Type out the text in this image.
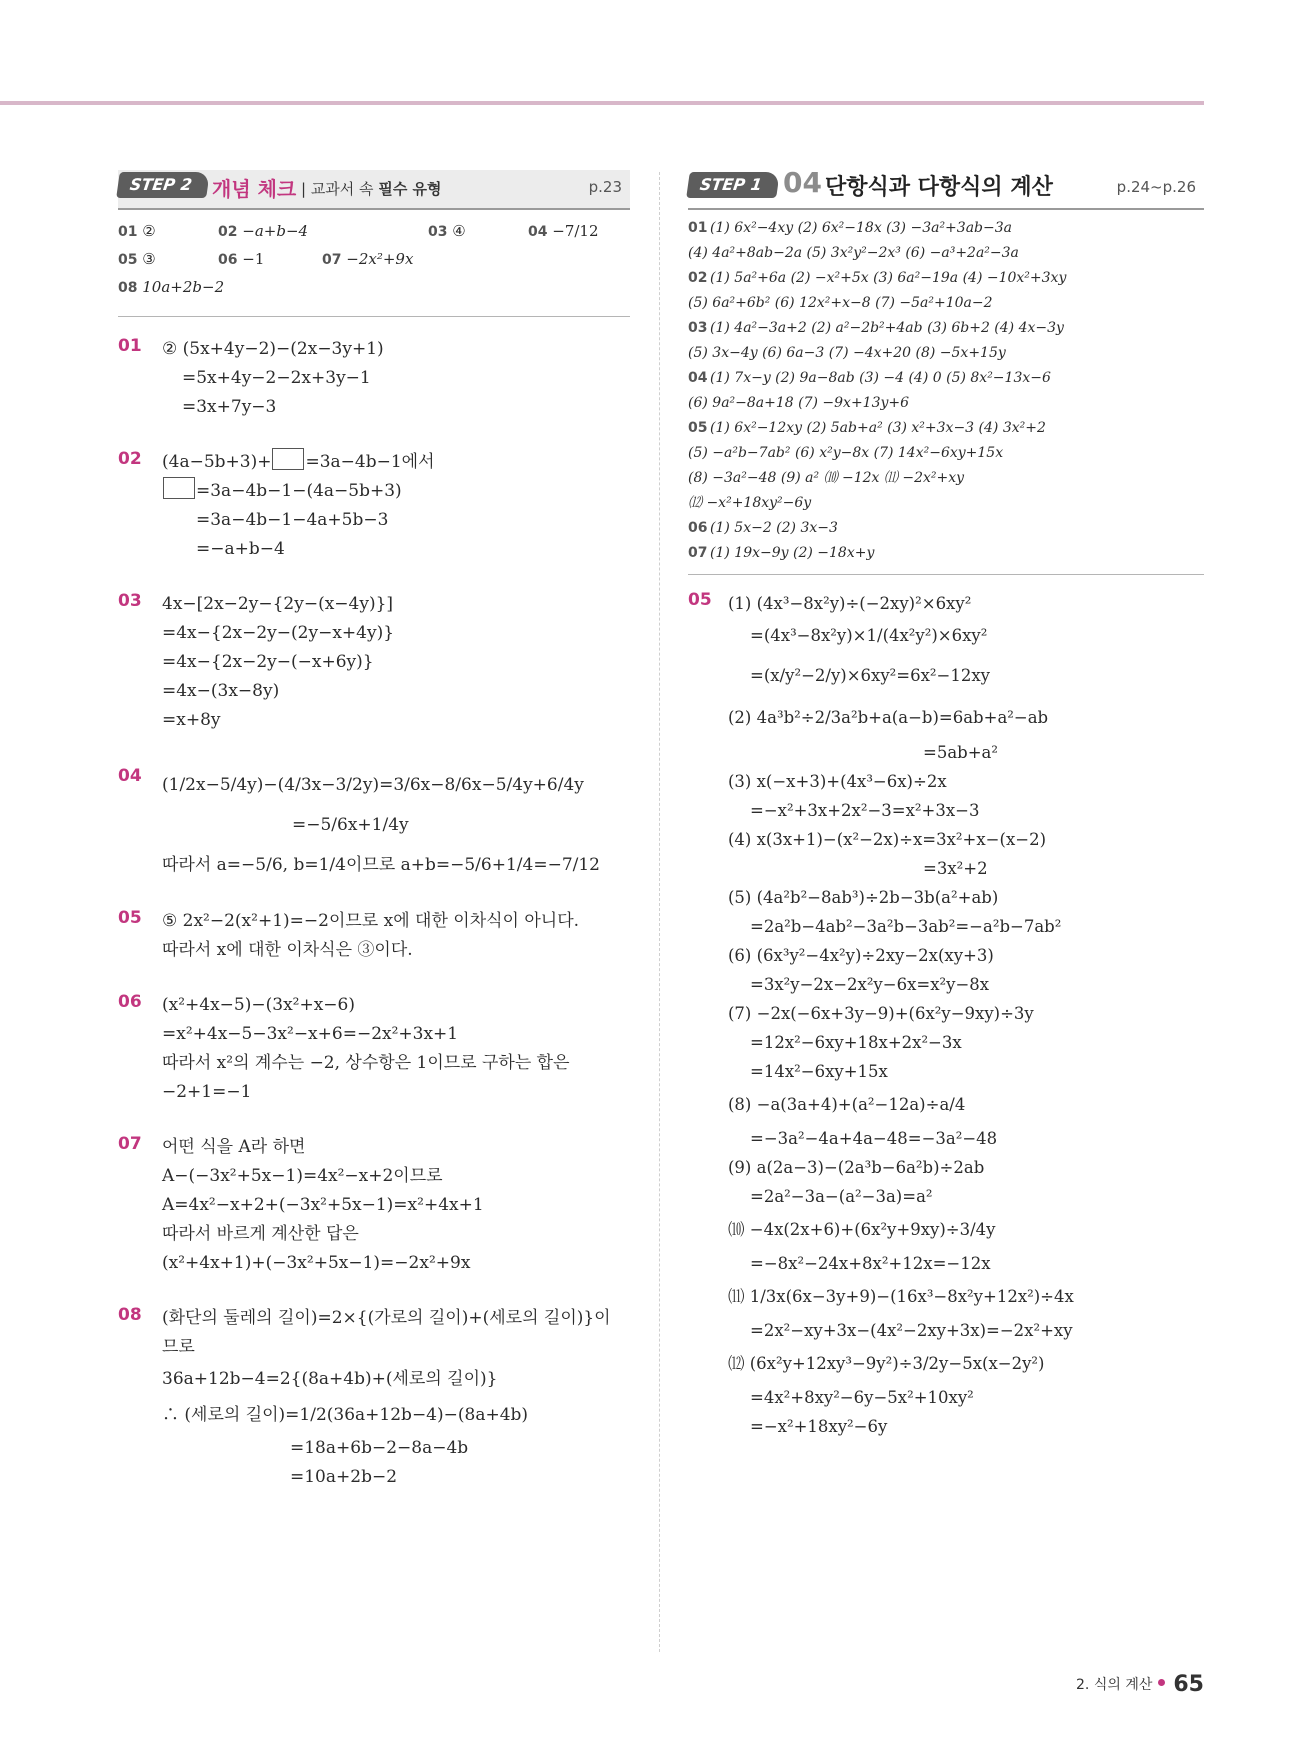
STEP 2 개념 체크 | 교과서 속 필수 유형	p.23
01 ②	02 −a+b−4	03 ④	04 −7/12
05 ③	06 −1	07 −2x²+9x
08 10a+2b−2
01 ② (5x+4y−2)−(2x−3y+1)
=5x+4y−2−2x+3y−1
=3x+7y−3
02 (4a−5b+3)+ =3a−4b−1에서
=3a−4b−1−(4a−5b+3)
=3a−4b−1−4a+5b−3
=−a+b−4
03 4x−[2x−2y−{2y−(x−4y)}]
=4x−{2x−2y−(2y−x+4y)}
=4x−{2x−2y−(−x+6y)}
=4x−(3x−8y)
=x+8y
04 (1/2x−5/4y)−(4/3x−3/2y)=3/6x−8/6x−5/4y+6/4y
=−5/6x+1/4y
따라서 a=−5/6, b=1/4이므로 a+b=−5/6+1/4=−7/12
05 ⑤ 2x²−2(x²+1)=−2이므로 x에 대한 이차식이 아니다.
따라서 x에 대한 이차식은 ③이다.
06 (x²+4x−5)−(3x²+x−6)
=x²+4x−5−3x²−x+6=−2x²+3x+1
따라서 x²의 계수는 −2, 상수항은 1이므로 구하는 합은
−2+1=−1
07 어떤 식을 A라 하면
A−(−3x²+5x−1)=4x²−x+2이므로
A=4x²−x+2+(−3x²+5x−1)=x²+4x+1
따라서 바르게 계산한 답은
(x²+4x+1)+(−3x²+5x−1)=−2x²+9x
08 (화단의 둘레의 길이)=2×{(가로의 길이)+(세로의 길이)}이
므로
36a+12b−4=2{(8a+4b)+(세로의 길이)}
∴ (세로의 길이)=1/2(36a+12b−4)−(8a+4b)
=18a+6b−2−8a−4b
=10a+2b−2
STEP 1 04 단항식과 다항식의 계산	p.24~p.26
01 (1) 6x²−4xy (2) 6x²−18x (3) −3a²+3ab−3a
(4) 4a²+8ab−2a (5) 3x²y²−2x³ (6) −a³+2a²−3a
02 (1) 5a²+6a (2) −x²+5x (3) 6a²−19a (4) −10x²+3xy
(5) 6a²+6b² (6) 12x²+x−8 (7) −5a²+10a−2
03 (1) 4a²−3a+2 (2) a²−2b²+4ab (3) 6b+2 (4) 4x−3y
(5) 3x−4y (6) 6a−3 (7) −4x+20 (8) −5x+15y
04 (1) 7x−y (2) 9a−8ab (3) −4 (4) 0 (5) 8x²−13x−6
(6) 9a²−8a+18 (7) −9x+13y+6
05 (1) 6x²−12xy (2) 5ab+a² (3) x²+3x−3 (4) 3x²+2
(5) −a²b−7ab² (6) x²y−8x (7) 14x²−6xy+15x
(8) −3a²−48 (9) a² ⑽ −12x ⑾ −2x²+xy
⑿ −x²+18xy²−6y
06 (1) 5x−2 (2) 3x−3
07 (1) 19x−9y (2) −18x+y
05 (1) (4x³−8x²y)÷(−2xy)²×6xy²
=(4x³−8x²y)×1/(4x²y²)×6xy²
=(x/y²−2/y)×6xy²=6x²−12xy
(2) 4a³b²÷2/3a²b+a(a−b)=6ab+a²−ab
=5ab+a²
(3) x(−x+3)+(4x³−6x)÷2x
=−x²+3x+2x²−3=x²+3x−3
(4) x(3x+1)−(x²−2x)÷x=3x²+x−(x−2)
=3x²+2
(5) (4a²b²−8ab³)÷2b−3b(a²+ab)
=2a²b−4ab²−3a²b−3ab²=−a²b−7ab²
(6) (6x³y²−4x²y)÷2xy−2x(xy+3)
=3x²y−2x−2x²y−6x=x²y−8x
(7) −2x(−6x+3y−9)+(6x²y−9xy)÷3y
=12x²−6xy+18x+2x²−3x
=14x²−6xy+15x
(8) −a(3a+4)+(a²−12a)÷a/4
=−3a²−4a+4a−48=−3a²−48
(9) a(2a−3)−(2a³b−6a²b)÷2ab
=2a²−3a−(a²−3a)=a²
⑽ −4x(2x+6)+(6x²y+9xy)÷3/4y
=−8x²−24x+8x²+12x=−12x
⑾ 1/3x(6x−3y+9)−(16x³−8x²y+12x²)÷4x
=2x²−xy+3x−(4x²−2xy+3x)=−2x²+xy
⑿ (6x²y+12xy³−9y²)÷3/2y−5x(x−2y²)
=4x²+8xy²−6y−5x²+10xy²
=−x²+18xy²−6y
2. 식의 계산 65
